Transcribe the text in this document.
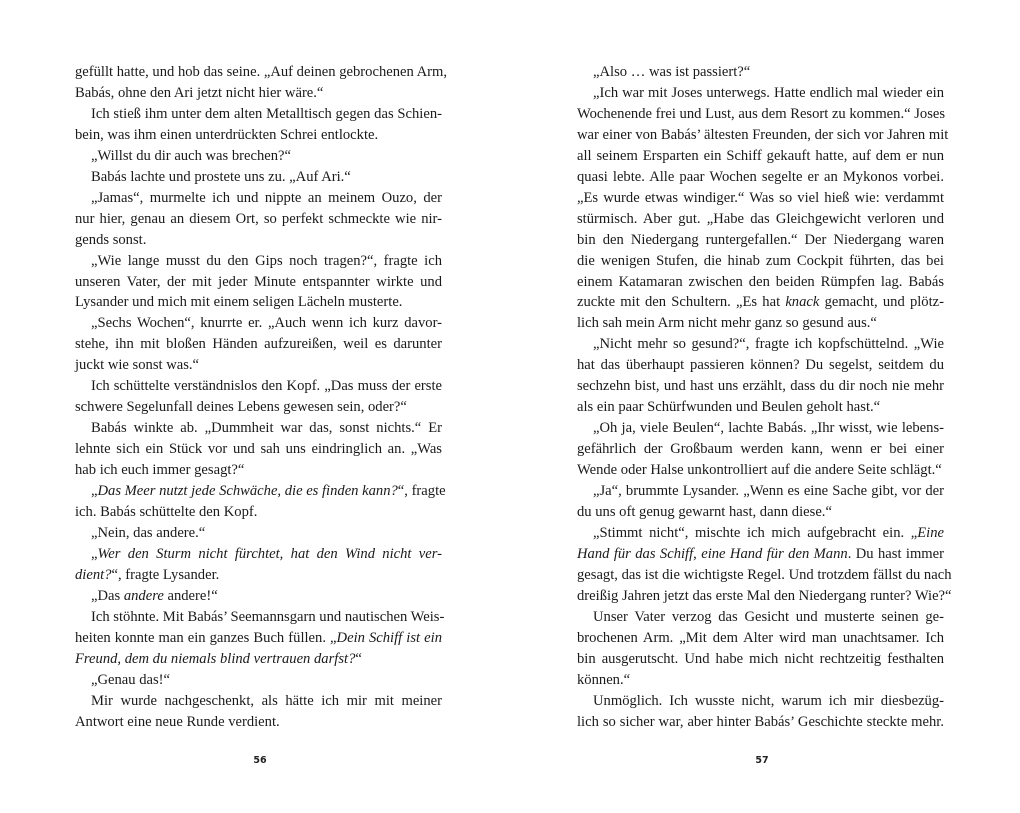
gefüllt hatte, und hob das seine. „Auf deinen gebrochenen Arm,
Babás, ohne den Ari jetzt nicht hier wäre.“
Ich stieß ihm unter dem alten Metalltisch gegen das Schien-
bein, was ihm einen unterdrückten Schrei entlockte.
„Willst du dir auch was brechen?“
Babás lachte und prostete uns zu. „Auf Ari.“
„Jamas“, murmelte ich und nippte an meinem Ouzo, der
nur hier, genau an diesem Ort, so perfekt schmeckte wie nir-
gends sonst.
„Wie lange musst du den Gips noch tragen?“, fragte ich
unseren Vater, der mit jeder Minute entspannter wirkte und
Lysander und mich mit einem seligen Lächeln musterte.
„Sechs Wochen“, knurrte er. „Auch wenn ich kurz davor-
stehe, ihn mit bloßen Händen aufzureißen, weil es darunter
juckt wie sonst was.“
Ich schüttelte verständnislos den Kopf. „Das muss der erste
schwere Segelunfall deines Lebens gewesen sein, oder?“
Babás winkte ab. „Dummheit war das, sonst nichts.“ Er
lehnte sich ein Stück vor und sah uns eindringlich an. „Was
hab ich euch immer gesagt?“
„Das Meer nutzt jede Schwäche, die es finden kann?“, fragte
ich. Babás schüttelte den Kopf.
„Nein, das andere.“
„Wer den Sturm nicht fürchtet, hat den Wind nicht ver-
dient?“, fragte Lysander.
„Das andere andere!“
Ich stöhnte. Mit Babás’ Seemannsgarn und nautischen Weis-
heiten konnte man ein ganzes Buch füllen. „Dein Schiff ist ein
Freund, dem du niemals blind vertrauen darfst?“
„Genau das!“
Mir wurde nachgeschenkt, als hätte ich mir mit meiner
Antwort eine neue Runde verdient.
56
„Also … was ist passiert?“
„Ich war mit Joses unterwegs. Hatte endlich mal wieder ein
Wochenende frei und Lust, aus dem Resort zu kommen.“ Joses
war einer von Babás’ ältesten Freunden, der sich vor Jahren mit
all seinem Ersparten ein Schiff gekauft hatte, auf dem er nun
quasi lebte. Alle paar Wochen segelte er an Mykonos vorbei.
„Es wurde etwas windiger.“ Was so viel hieß wie: verdammt
stürmisch. Aber gut. „Habe das Gleichgewicht verloren und
bin den Niedergang runtergefallen.“ Der Niedergang waren
die wenigen Stufen, die hinab zum Cockpit führten, das bei
einem Katamaran zwischen den beiden Rümpfen lag. Babás
zuckte mit den Schultern. „Es hat knack gemacht, und plötz-
lich sah mein Arm nicht mehr ganz so gesund aus.“
„Nicht mehr so gesund?“, fragte ich kopfschüttelnd. „Wie
hat das überhaupt passieren können? Du segelst, seitdem du
sechzehn bist, und hast uns erzählt, dass du dir noch nie mehr
als ein paar Schürfwunden und Beulen geholt hast.“
„Oh ja, viele Beulen“, lachte Babás. „Ihr wisst, wie lebens-
gefährlich der Großbaum werden kann, wenn er bei einer
Wende oder Halse unkontrolliert auf die andere Seite schlägt.“
„Ja“, brummte Lysander. „Wenn es eine Sache gibt, vor der
du uns oft genug gewarnt hast, dann diese.“
„Stimmt nicht“, mischte ich mich aufgebracht ein. „Eine
Hand für das Schiff, eine Hand für den Mann. Du hast immer
gesagt, das ist die wichtigste Regel. Und trotzdem fällst du nach
dreißig Jahren jetzt das erste Mal den Niedergang runter? Wie?“
Unser Vater verzog das Gesicht und musterte seinen ge-
brochenen Arm. „Mit dem Alter wird man unachtsamer. Ich
bin ausgerutscht. Und habe mich nicht rechtzeitig festhalten
können.“
Unmöglich. Ich wusste nicht, warum ich mir diesbezüg-
lich so sicher war, aber hinter Babás’ Geschichte steckte mehr.
57
